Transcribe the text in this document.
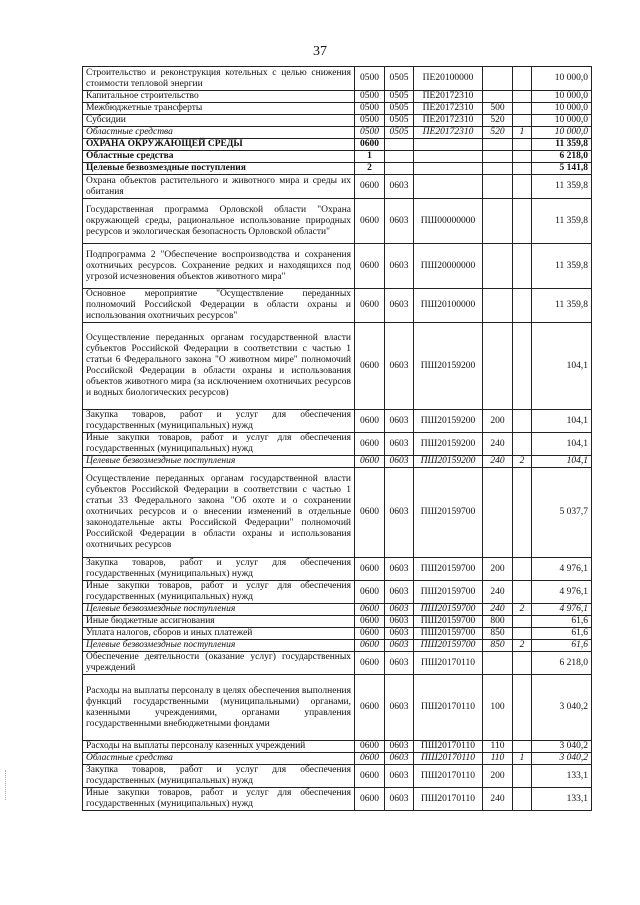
37
Строительство и реконструкция котельных с целью снижения стоимости тепловой энергии	0500	0505	ПЕ20100000			10 000,0
Капитальное строительство	0500	0505	ПЕ20172310			10 000,0
Межбюджетные трансферты	0500	0505	ПЕ20172310	500		10 000,0
Субсидии	0500	0505	ПЕ20172310	520		10 000,0
Областные средства	0500	0505	ПЕ20172310	520	1	10 000,0
ОХРАНА ОКРУЖАЮЩЕЙ СРЕДЫ	0600					11 359,8
Областные средства	1					6 218,0
Целевые безвозмездные поступления	2					5 141,8
Охрана объектов растительного и животного мира и среды их обитания	0600	0603				11 359,8
Государственная программа Орловской области "Охрана окружающей среды, рациональное использование природных ресурсов и экологическая безопасность Орловской области"	0600	0603	ПШ00000000			11 359,8
Подпрограмма 2 "Обеспечение воспроизводства и сохранения охотничьих ресурсов. Сохранение редких и находящихся под угрозой исчезновения объектов животного мира"	0600	0603	ПШ20000000			11 359,8
Основное мероприятие "Осуществление переданных полномочий Российской Федерации в области охраны и использования охотничьих ресурсов"	0600	0603	ПШ20100000			11 359,8
Осуществление переданных органам государственной власти субъектов Российской Федерации в соответствии с частью 1 статьи 6 Федерального закона "О животном мире" полномочий Российской Федерации в области охраны и использования объектов животного мира (за исключением охотничьих ресурсов и водных биологических ресурсов)	0600	0603	ПШ20159200			104,1
Закупка товаров, работ и услуг для обеспечения государственных (муниципальных) нужд	0600	0603	ПШ20159200	200		104,1
Иные закупки товаров, работ и услуг для обеспечения государственных (муниципальных) нужд	0600	0603	ПШ20159200	240		104,1
Целевые безвозмездные поступления	0600	0603	ПШ20159200	240	2	104,1
Осуществление переданных органам государственной власти субъектов Российской Федерации в соответствии с частью 1 статьи 33 Федерального закона "Об охоте и о сохранении охотничьих ресурсов и о внесении изменений в отдельные законодательные акты Российской Федерации" полномочий Российской Федерации в области охраны и использования охотничьих ресурсов	0600	0603	ПШ20159700			5 037,7
Закупка товаров, работ и услуг для обеспечения государственных (муниципальных) нужд	0600	0603	ПШ20159700	200		4 976,1
Иные закупки товаров, работ и услуг для обеспечения государственных (муниципальных) нужд	0600	0603	ПШ20159700	240		4 976,1
Целевые безвозмездные поступления	0600	0603	ПШ20159700	240	2	4 976,1
Иные бюджетные ассигнования	0600	0603	ПШ20159700	800		61,6
Уплата налогов, сборов и иных платежей	0600	0603	ПШ20159700	850		61,6
Целевые безвозмездные поступления	0600	0603	ПШ20159700	850	2	61,6
Обеспечение деятельности (оказание услуг) государственных учреждений	0600	0603	ПШ20170110			6 218,0
Расходы на выплаты персоналу в целях обеспечения выполнения функций государственными (муниципальными) органами, казенными учреждениями, органами управления государственными внебюджетными фондами	0600	0603	ПШ20170110	100		3 040,2
Расходы на выплаты персоналу казенных учреждений	0600	0603	ПШ20170110	110		3 040,2
Областные средства	0600	0603	ПШ20170110	110	1	3 040,2
Закупка товаров, работ и услуг для обеспечения государственных (муниципальных) нужд	0600	0603	ПШ20170110	200		133,1
Иные закупки товаров, работ и услуг для обеспечения государственных (муниципальных) нужд	0600	0603	ПШ20170110	240		133,1
